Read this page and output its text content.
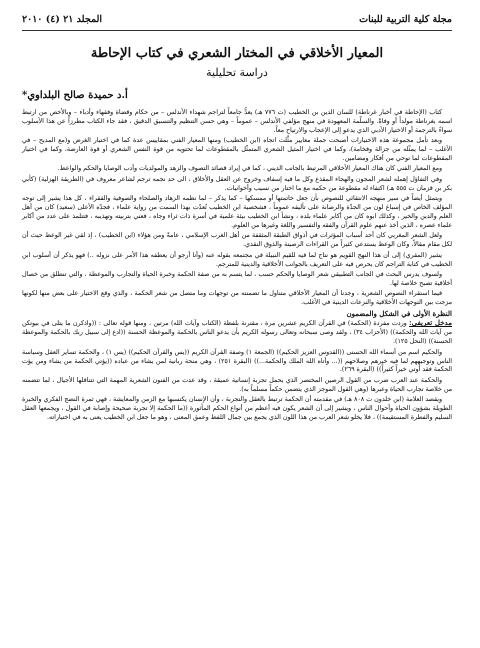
مجلة كلية التربية للبنات
المجلد ٢١ (٤) ٢٠١٠
المعيار الأخلاقي في المختار الشعري في كتاب الإحاطة
دراسة تحليلية
أ.د حميدة صالح البلداوي*

كتاب (الإحاطة في أخبار غرناطة) للسان الدين بن الخطيب (ت ٧٧٦ هـ) يعدُّ جامعاً لتراجم شهداء الأندلس – من حكام وقضاة وفقهاء وأدباء – وبالأخص من ارتبط اسمه بغرناطة مولداً أو وفاةً. والسلّمة المعهودة في منهج مؤلفي الأندلس – عموماً – وهي حسن التنظيم والتنسيق الدقيق ، فقد جاء الكتاب مطرزاً عن هذا الأسلوب سواءً بالترجمة أو الاختيار الأدبي الذي يدعو إلى الإعجاب والارتياح معاً.

وبعد تأمل مجموعة هذه الاختيارات أصبحت جملة معايير مثَّلت اتجاه (ابن الخطيب) ومنها المعيار الفني بمقاييس عدة كما في اختيار الغرض و(مع المديح – في الأغلب – لما يمثّله من جزالة وفخامة)، وكما في اختيار المثيل الشعري المتمثّل بالمقطوعات لما تحتويه من قوة النفس الشعري أو قوة العارضة، وكما في اختيار المقطوعات لما توحي من أفكار ومضامين.

ومع المعيار الفني كان هناك المعيار الأخلاقي المرتبط بالجانب الديني ، كما في إيراد قصائد التصوف والزهد والمولديات وأدب الوصايا والحكم والواعظ.

وفي التفاؤل إهمله لشعر المجون والهجاء المقذع وكل ما فيه إسفاف وخروج عن العقل والأخلاق ، الى حد نجمه ترجم لشاعر معروف في (الطريقة الهزلية) (كأبي بكر بن قزمان ت ٥٥٥ هـ) اكتفاء له مقطوعة من حكمه مع ما اختار من نسيب وأخوانيات.

ويتمثل أيضاً في سير منهجه الانتقائي للنصوص بأن جعل خاتمتها أو ممسكها – كما يذكر – لما نظمه الزهاد والصلحاء والصوفية والفقراء ، كل هذا يشير إلى توجه المؤلف الخاص في إسباغ لون من الجدّة والرصانة على تأليفه عموماً ، فشخصية ابن الخطيب تُعدّت بهذا السمت من رواية علماء ، فجدّه الأعلى (سعيد) كان من أهل العلم والدين والخير ، وكذلك ابوه كان من أكابر علماء بلده ، ونشأ ابن الخطيب بيئة علمية في أسرة ذات ثراء وجاه ، فعني بتربيته وتهذيبه ، فتتلمذ على عدد من أكابر علماء عصره ، الذين أخذ عنهم علوم القرآن والفقه والتفسير واللغة وغيرها من العلوم.

ولعل الشعر المغربي كان أحد أسباب المؤثرات في أذواق الطبقة المثقفة من أهل الغرب الإسلامي ، عامةً ومن هؤلاء (ابن الخطيب) ، إذ لقي غير الوعظ حيث أن لكل مقام مقالاً، وكان الوعظ يستدعي كثيراً من القراءات الرصينة والذوق النقدي.

يشير (المقري) إلى أن هذا النهج القويم هو نتاج لما فيه للقيم النبيلة في مجتمعه بقوله عنه (وأنا أرجو أن يعطفه هذا الأمر على نزوله ..) فهو يذكر أن أسلوب ابن الخطيب في كتابة التراجم كان يحرص فيه على التعريف بالجوانب الأخلاقية والدينية للمترجم.

ولسوف يدرس البحث في الجانب التطبيقي شعر الوصايا والحكم حسب ، لما يتسم به من صفة الحكمة وخبرة الحياة والتجارب والموعظة ، والتي تنطلق من خصال أخلاقية تصبح خلاصة لها.

فيما استقراء النصوص الشعرية ، وجدنا أن المعيار الأخلاقي متناول ما تضمنته من توجهات وما متصل من شعر الحكمة ، والذي وقع الاختيار على بعض منها لكونها مزجت بين التوجهات الأخلاقية والنزعات الدينية في الأغلب.

النظرة الأولى في الشكل والمضمون

مدخل تعريفي: وردت مفردة (الحكمة) في القرآن الكريم عشرين مرة ، مقترنة بلفظة (الكتاب وآيات الله) مرتين ، ومنها قوله تعالى : ((واذكرن ما يتلى في بيوتكن من آيات الله والحكمة)) (الأحزاب ٣٤) ، ولقد وصى سبحانه وتعالى رسوله الكريم بأن يدعو الناس بالحكمة والموعظة الحسنة ((ادع إلى سبيل ربك بالحكمة والموعظة الحسنة)) (النحل ١٢٥).

والحكيم اسم من أسماء الله الحسنى ((القدوس العزيز الحكيم)) (الجمعة ١) وصفة القرآن الكريم ((يس والقرآن الحكيم)) (يس ١) ، والحكمة تساير العقل وسياسة الناس وتوجيههم لما فيه خيرهم وصلاحهم ((... وأتاه الله الملك والحكمة...)) (البقرة ٢٥١) ، وهي منحة ربانية لمن يشاء من عباده ((يؤتي الحكمة من يشاء ومن يؤت الحكمة فقد أوتي خيراً كثيراً)) (البقرة ٢٦٩).

والحكمة عند العرب ضرب من القول الرصين المختصر الذي يحمل تجربة إنسانية عميقة ، وقد عدت من الفنون الشعرية المهمة التي تتناقلها الأجيال ، لما تتضمنه من خلاصة تجارب الحياة وعبرها (وهي القول الموجز الذي يتضمن حكماً مسلماً به).

ويقصد العلامة (ابن خلدون ت ٨٠٨ هـ) في مقدمته أن الحكمة ترتبط بالعقل والتجربة ، وأن الإنسان يكتسبها مع الزمن والمعايشة ، فهي ثمرة النضج الفكري والخبرة الطويلة بشؤون الحياة وأحوال الناس ، ويشير إلى أن الشعر يكون فيه أعظم من أنواع الحكم المأثورة ((ما الحكمة إلا تجربة صحيحة وإصابة في القول ، ويجمعها العقل السليم والفطرة المستقيمة)) ، فلا يخلو شعر العرب من هذا اللون الذي يجمع بين جمال اللفظ وعمق المعنى ، وهو ما جعل ابن الخطيب يعنى به في اختياراته.
